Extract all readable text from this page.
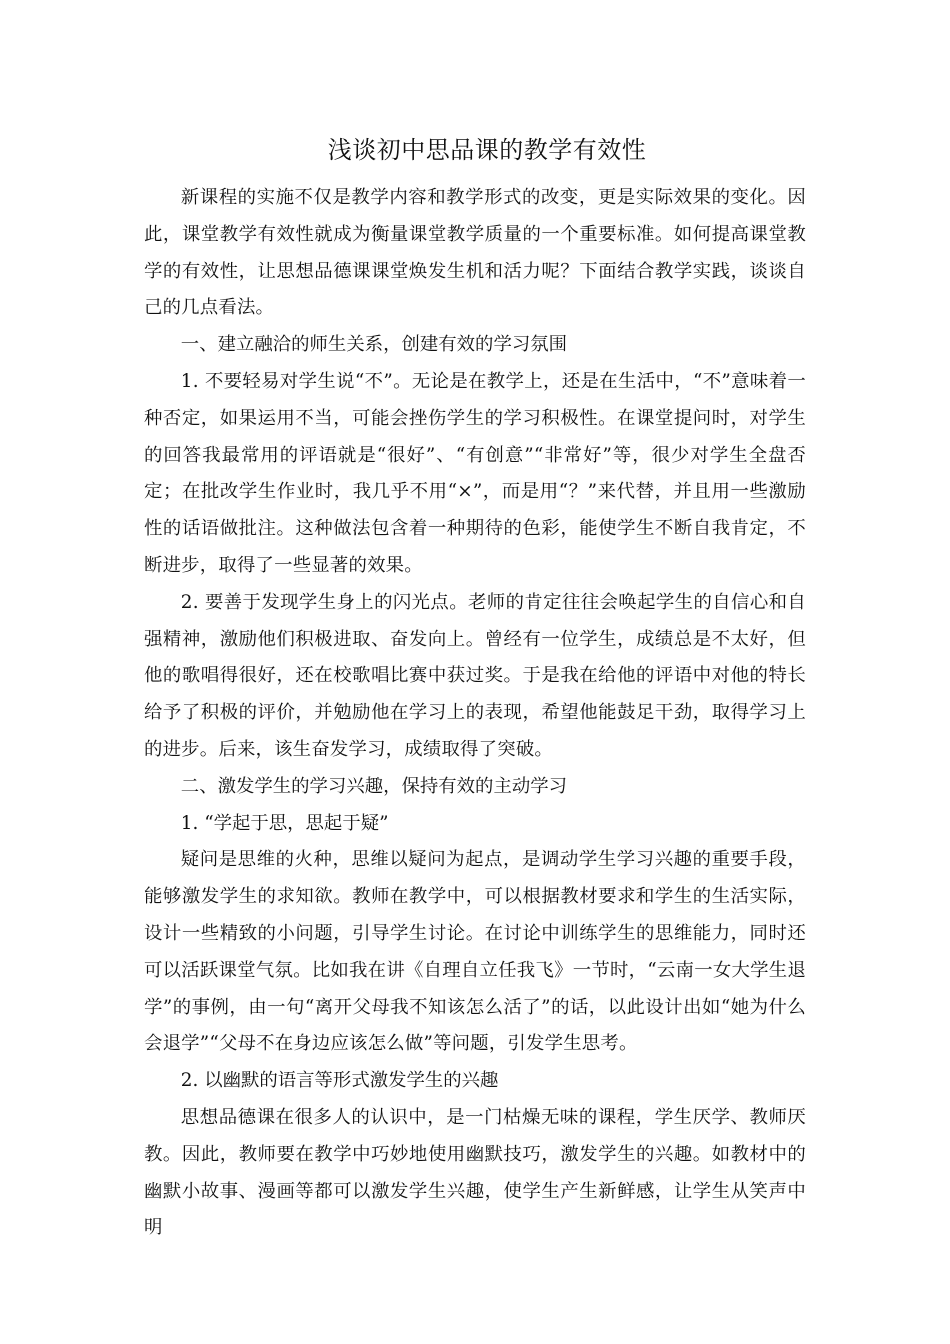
浅谈初中思品课的教学有效性

新课程的实施不仅是教学内容和教学形式的改变，更是实际效果的变化。因此，课堂教学有效性就成为衡量课堂教学质量的一个重要标准。如何提高课堂教学的有效性，让思想品德课课堂焕发生机和活力呢？下面结合教学实践，谈谈自己的几点看法。

一、建立融洽的师生关系，创建有效的学习氛围

1. 不要轻易对学生说“不”。无论是在教学上，还是在生活中，“不”意味着一种否定，如果运用不当，可能会挫伤学生的学习积极性。在课堂提问时，对学生的回答我最常用的评语就是“很好”、“有创意”“非常好”等，很少对学生全盘否定；在批改学生作业时，我几乎不用“×”，而是用“？”来代替，并且用一些激励性的话语做批注。这种做法包含着一种期待的色彩，能使学生不断自我肯定，不断进步，取得了一些显著的效果。

2. 要善于发现学生身上的闪光点。老师的肯定往往会唤起学生的自信心和自强精神，激励他们积极进取、奋发向上。曾经有一位学生，成绩总是不太好，但他的歌唱得很好，还在校歌唱比赛中获过奖。于是我在给他的评语中对他的特长给予了积极的评价，并勉励他在学习上的表现，希望他能鼓足干劲，取得学习上的进步。后来，该生奋发学习，成绩取得了突破。

二、激发学生的学习兴趣，保持有效的主动学习

1. “学起于思，思起于疑”

疑问是思维的火种，思维以疑问为起点，是调动学生学习兴趣的重要手段，能够激发学生的求知欲。教师在教学中，可以根据教材要求和学生的生活实际，设计一些精致的小问题，引导学生讨论。在讨论中训练学生的思维能力，同时还可以活跃课堂气氛。比如我在讲《自理自立任我飞》一节时，“云南一女大学生退学”的事例，由一句“离开父母我不知该怎么活了”的话，以此设计出如“她为什么会退学”“父母不在身边应该怎么做”等问题，引发学生思考。

2. 以幽默的语言等形式激发学生的兴趣

思想品德课在很多人的认识中，是一门枯燥无味的课程，学生厌学、教师厌教。因此，教师要在教学中巧妙地使用幽默技巧，激发学生的兴趣。如教材中的幽默小故事、漫画等都可以激发学生兴趣，使学生产生新鲜感，让学生从笑声中明
